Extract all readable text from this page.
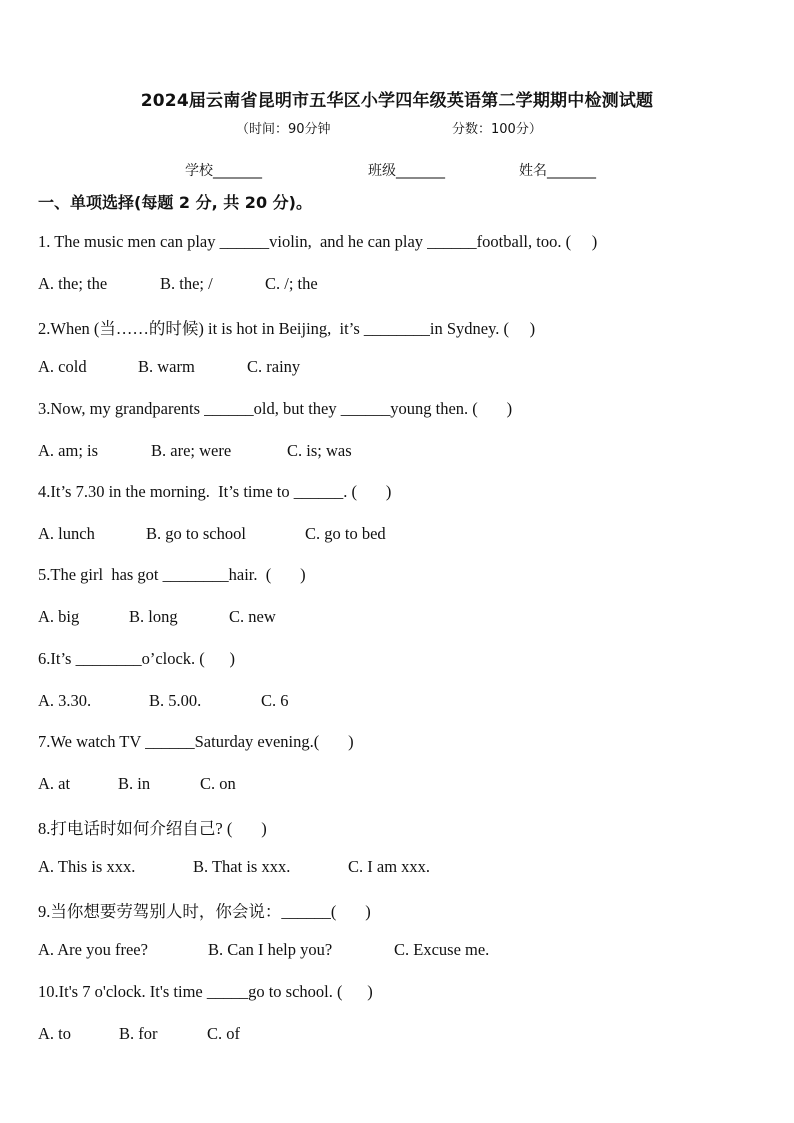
2024届云南省昆明市五华区小学四年级英语第二学期期中检测试题
（时间：90分钟	分数：100分）
学校_______	班级_______	姓名_______
一、单项选择(每题 2 分, 共 20 分)。
1. The music men can play ______violin,  and he can play ______football, too. (     )
A. the; the	B. the; /	C. /; the
2.When (当……的时候) it is hot in Beijing,  it’s ________in Sydney. (     )
A. cold	B. warm	C. rainy
3.Now, my grandparents ______old, but they ______young then. (       )
A. am; is	B. are; were	C. is; was
4.It’s 7.30 in the morning.  It’s time to ______. (       )
A. lunch	B. go to school	C. go to bed
5.The girl  has got ________hair.  (       )
A. big	B. long	C. new
6.It’s ________o’clock. (      )
A. 3.30.	B. 5.00.	C. 6
7.We watch TV ______Saturday evening.(       )
A. at	B. in	C. on
8.打电话时如何介绍自己? (       )
A. This is xxx.	B. That is xxx.	C. I am xxx.
9.当你想要劳驾别人时，你会说：______(       )
A. Are you free?	B. Can I help you?	C. Excuse me.
10.It's 7 o'clock. It's time _____go to school. (      )
A. to	B. for	C. of
